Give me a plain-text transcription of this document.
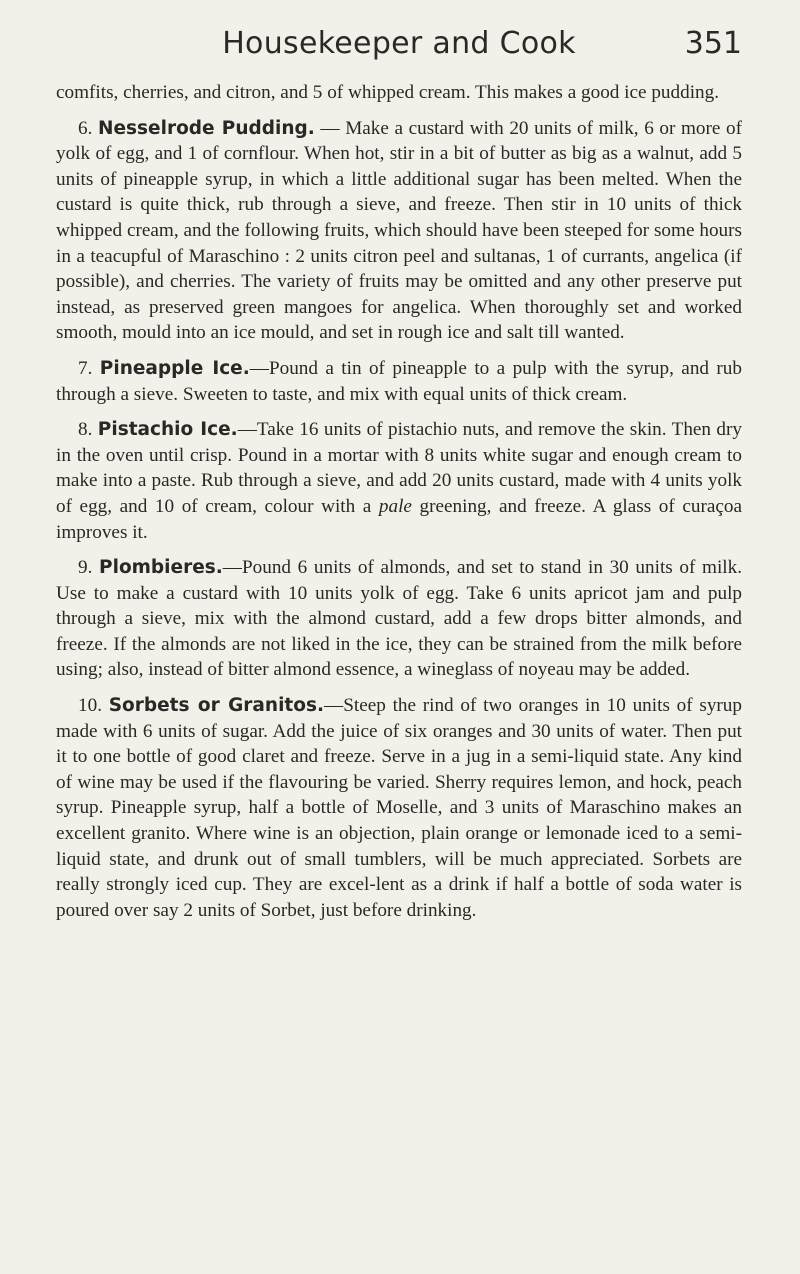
Housekeeper and Cook	351

comfits, cherries, and citron, and 5 of whipped cream. This makes a good ice pudding.

6. Nesselrode Pudding. — Make a custard with 20 units of milk, 6 or more of yolk of egg, and 1 of cornflour. When hot, stir in a bit of butter as big as a walnut, add 5 units of pineapple syrup, in which a little additional sugar has been melted. When the custard is quite thick, rub through a sieve, and freeze. Then stir in 10 units of thick whipped cream, and the following fruits, which should have been steeped for some hours in a teacupful of Maraschino : 2 units citron peel and sultanas, 1 of currants, angelica (if possible), and cherries. The variety of fruits may be omitted and any other preserve put instead, as preserved green mangoes for angelica. When thoroughly set and worked smooth, mould into an ice mould, and set in rough ice and salt till wanted.

7. Pineapple Ice.—Pound a tin of pineapple to a pulp with the syrup, and rub through a sieve. Sweeten to taste, and mix with equal units of thick cream.

8. Pistachio Ice.—Take 16 units of pistachio nuts, and remove the skin. Then dry in the oven until crisp. Pound in a mortar with 8 units white sugar and enough cream to make into a paste. Rub through a sieve, and add 20 units custard, made with 4 units yolk of egg, and 10 of cream, colour with a pale greening, and freeze. A glass of curaçoa improves it.

9. Plombieres.—Pound 6 units of almonds, and set to stand in 30 units of milk. Use to make a custard with 10 units yolk of egg. Take 6 units apricot jam and pulp through a sieve, mix with the almond custard, add a few drops bitter almonds, and freeze. If the almonds are not liked in the ice, they can be strained from the milk before using; also, instead of bitter almond essence, a wineglass of noyeau may be added.

10. Sorbets or Granitos.—Steep the rind of two oranges in 10 units of syrup made with 6 units of sugar. Add the juice of six oranges and 30 units of water. Then put it to one bottle of good claret and freeze. Serve in a jug in a semi-liquid state. Any kind of wine may be used if the flavouring be varied. Sherry requires lemon, and hock, peach syrup. Pineapple syrup, half a bottle of Moselle, and 3 units of Maraschino makes an excellent granito. Where wine is an objection, plain orange or lemonade iced to a semi-liquid state, and drunk out of small tumblers, will be much appreciated. Sorbets are really strongly iced cup. They are excel-lent as a drink if half a bottle of soda water is poured over say 2 units of Sorbet, just before drinking.
